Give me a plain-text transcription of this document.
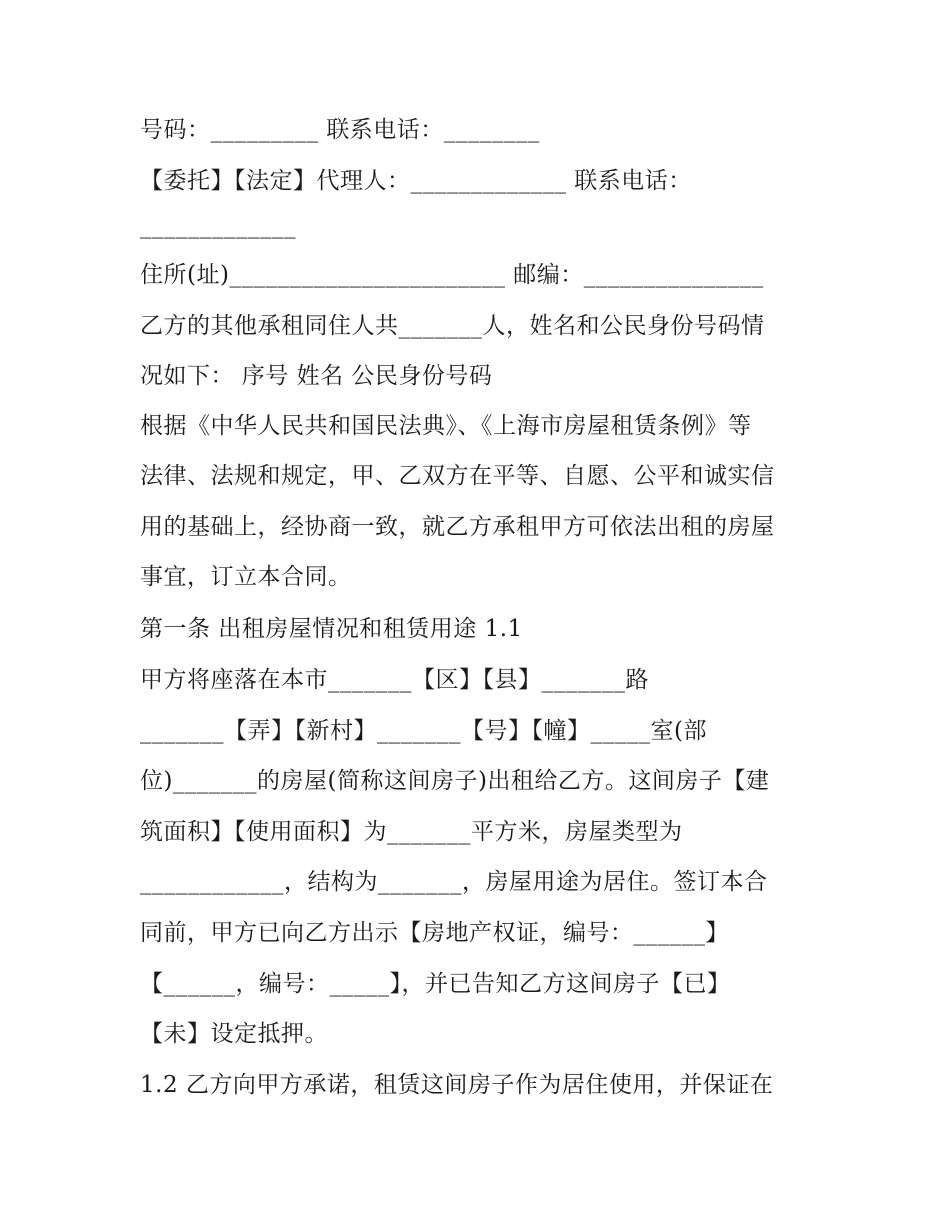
号码：_________ 联系电话：________
【委托】【法定】代理人：_____________ 联系电话：
_____________
住所(址)_______________________ 邮编：_______________
乙方的其他承租同住人共_______人，姓名和公民身份号码情
况如下： 序号 姓名 公民身份号码
根据《中华人民共和国民法典》、《上海市房屋租赁条例》等
法律、法规和规定，甲、乙双方在平等、自愿、公平和诚实信
用的基础上，经协商一致，就乙方承租甲方可依法出租的房屋
事宜，订立本合同。
第一条 出租房屋情况和租赁用途 1.1
甲方将座落在本市_______【区】【县】_______路
_______【弄】【新村】_______【号】【幢】_____室(部
位)_______的房屋(简称这间房子)出租给乙方。这间房子【建
筑面积】【使用面积】为_______平方米，房屋类型为
____________，结构为_______，房屋用途为居住。签订本合
同前，甲方已向乙方出示【房地产权证，编号：______】
【______，编号：_____】，并已告知乙方这间房子【已】
【未】设定抵押。
1.2 乙方向甲方承诺，租赁这间房子作为居住使用，并保证在
